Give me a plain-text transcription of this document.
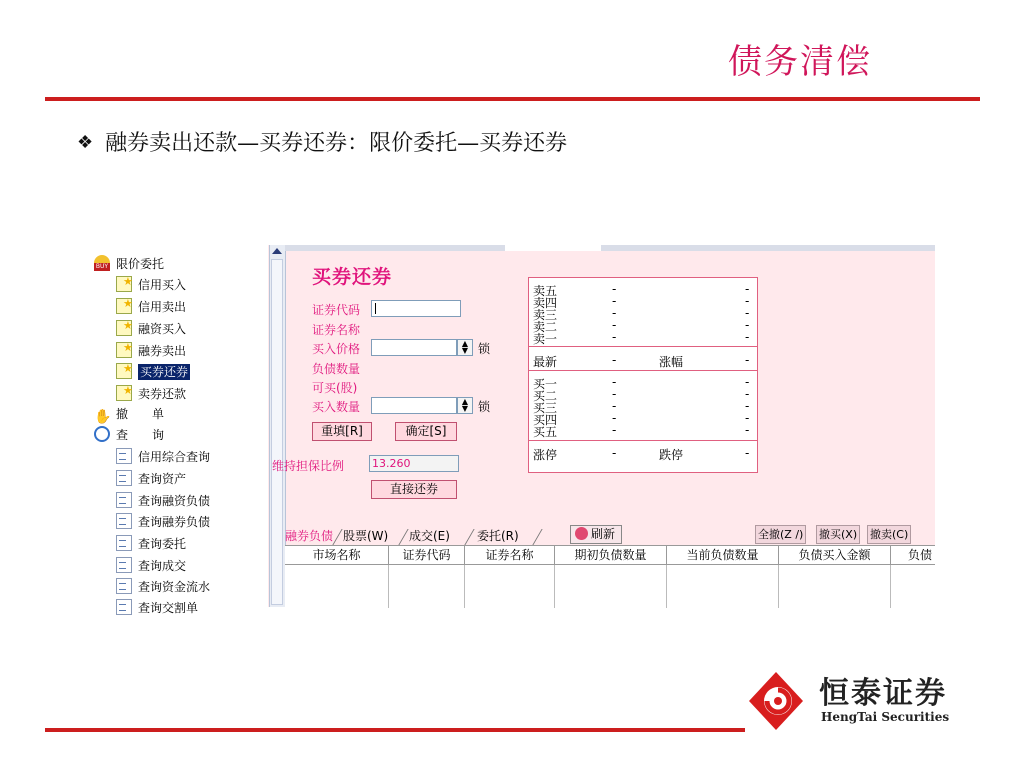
债务清偿
❖ 融券卖出还款—买券还券：限价委托—买券还券
BUY限价委托
★信用买入
★信用卖出
★融资买入
★融券卖出
★买券还券
★卖券还款
✋ 撤　　单
查　　询
信用综合查询
查询资产
查询融资负债
查询融券负债
查询委托
查询成交
查询资金流水
查询交割单
买券还券
证券代码
证券名称
买入价格	▲
▼ 锁
负债数量
可买(股)
买入数量	▲
▼ 锁
重填[R]	确定[S]
维持担保比例	13.260
直接还券
卖五	-	-
卖四	-	-
卖三	-	-
卖二	-	-
卖一	-	-
最新	-	涨幅	-
买一	-	-
买二	-	-
买三	-	-
买四	-	-
买五	-	-
涨停	-	跌停	-
融券负债 股票(W) 成交(E) 委托(R)	刷新	全撤(Z /) 撤买(X) 撤卖(C)
市场名称	证券代码	证券名称	期初负债数量	当前负债数量	负债买入金额	负债
恒泰证券
HengTai Securities
